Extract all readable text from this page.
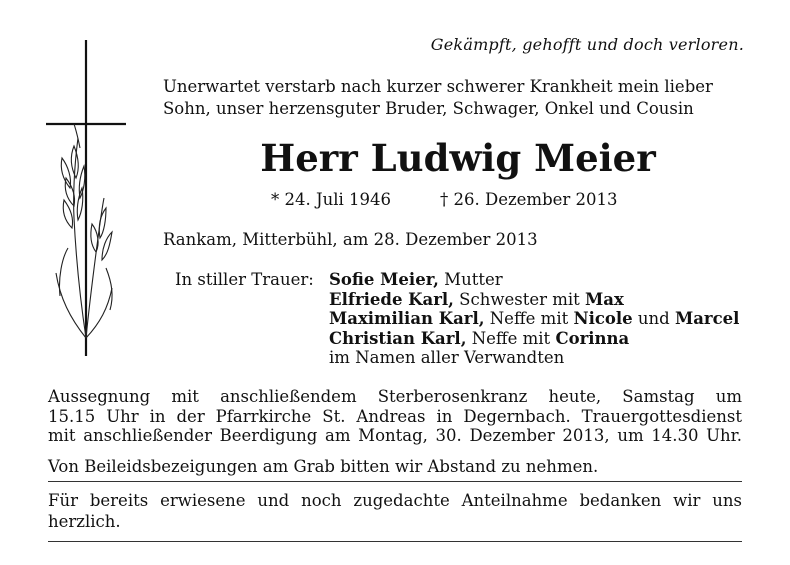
Gekämpft, gehofft und doch verloren.
Unerwartet verstarb nach kurzer schwerer Krankheit mein lieber
Sohn, unser herzensguter Bruder, Schwager, Onkel und Cousin
Herr Ludwig Meier
* 24. Juli 1946	† 26. Dezember 2013
Rankam, Mitterbühl, am 28. Dezember 2013
In stiller Trauer: Sofie Meier, Mutter
Elfriede Karl, Schwester mit Max
Maximilian Karl, Neffe mit Nicole und Marcel
Christian Karl, Neffe mit Corinna
im Namen aller Verwandten
Aussegnung mit anschließendem Sterberosenkranz heute, Samstag um
15.15 Uhr in der Pfarrkirche St. Andreas in Degernbach. Trauergottesdienst
mit anschließender Beerdigung am Montag, 30. Dezember 2013, um 14.30 Uhr.
Von Beileidsbezeigungen am Grab bitten wir Abstand zu nehmen.
Für bereits erwiesene und noch zugedachte Anteilnahme bedanken wir uns
herzlich.
